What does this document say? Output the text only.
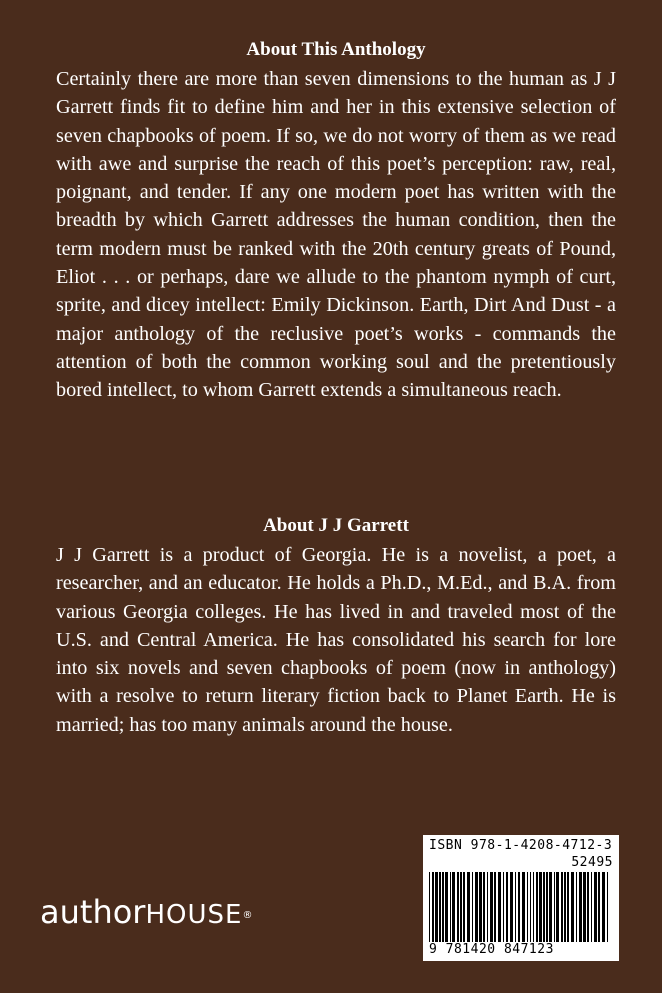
About This Anthology

Certainly there are more than seven dimensions to the human as J J Garrett finds fit to define him and her in this extensive selection of seven chapbooks of poem. If so, we do not worry of them as we read with awe and surprise the reach of this poet’s perception: raw, real, poignant, and tender. If any one modern poet has written with the breadth by which Garrett addresses the human condition, then the term modern must be ranked with the 20th century greats of Pound, Eliot . . . or perhaps, dare we allude to the phantom nymph of curt, sprite, and dicey intellect: Emily Dickinson. Earth, Dirt And Dust - a major anthology of the reclusive poet’s works - commands the attention of both the common working soul and the pretentiously bored intellect, to whom Garrett extends a simultaneous reach.

About J J Garrett

J J Garrett is a product of Georgia. He is a novelist, a poet, a researcher, and an educator. He holds a Ph.D., M.Ed., and B.A. from various Georgia colleges. He has lived in and traveled most of the U.S. and Central America. He has consolidated his search for lore into six novels and seven chapbooks of poem (now in anthology) with a resolve to return literary fiction back to Planet Earth. He is married; has too many animals around the house.

authorHOUSE®
ISBN 978-1-4208-4712-3
52495
9 781420 847123
